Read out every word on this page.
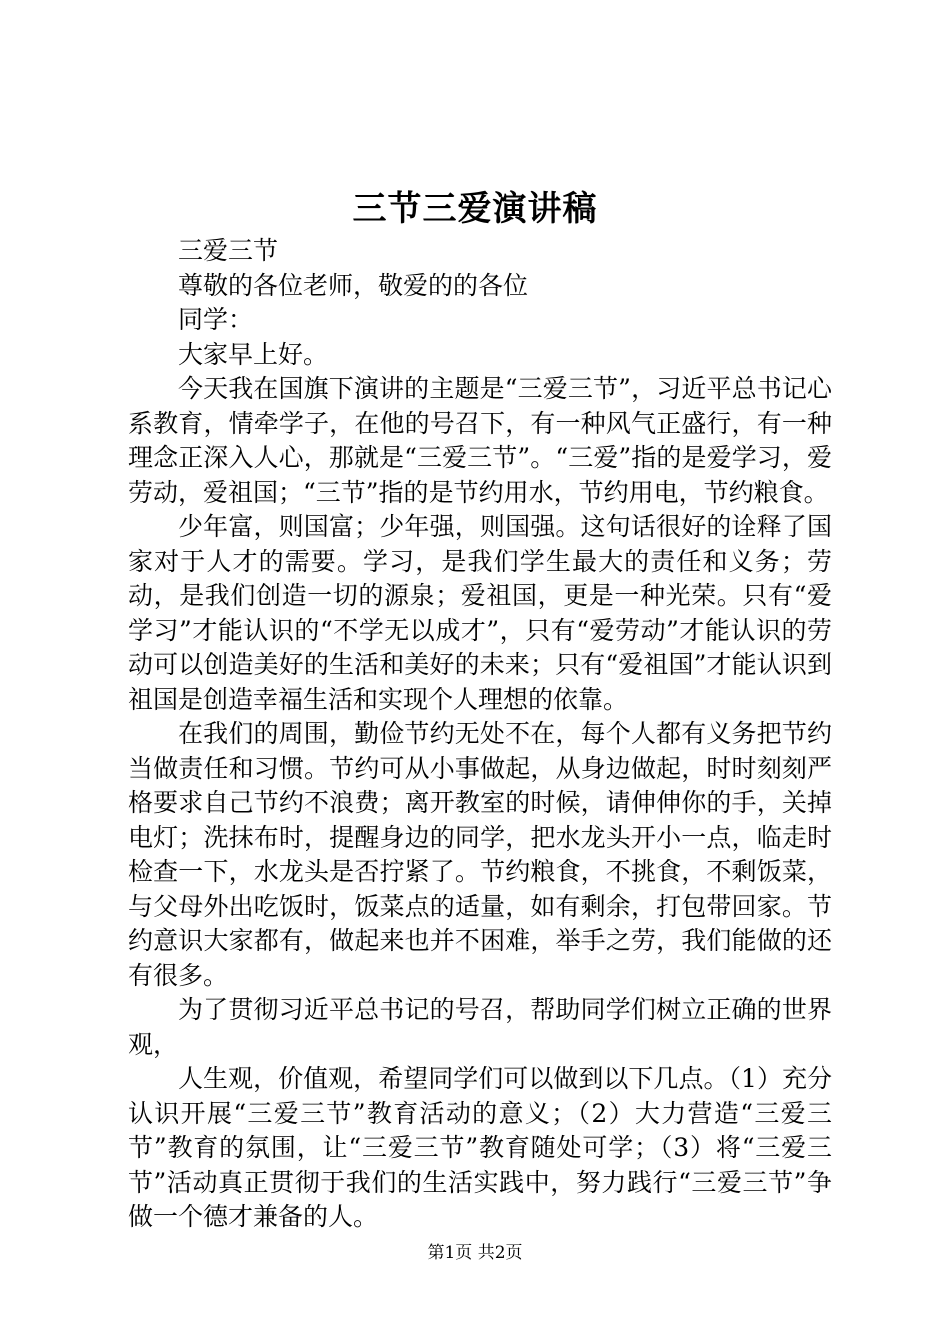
三节三爱演讲稿

三爱三节

尊敬的各位老师，敬爱的的各位

同学：

大家早上好。

今天我在国旗下演讲的主题是“三爱三节”，习近平总书记心系教育，情牵学子，在他的号召下，有一种风气正盛行，有一种理念正深入人心，那就是“三爱三节”。“三爱”指的是爱学习，爱劳动，爱祖国；“三节”指的是节约用水，节约用电，节约粮食。

少年富，则国富；少年强，则国强。这句话很好的诠释了国家对于人才的需要。学习，是我们学生最大的责任和义务；劳动，是我们创造一切的源泉；爱祖国，更是一种光荣。只有“爱学习”才能认识的“不学无以成才”，只有“爱劳动”才能认识的劳动可以创造美好的生活和美好的未来；只有“爱祖国”才能认识到祖国是创造幸福生活和实现个人理想的依靠。

在我们的周围，勤俭节约无处不在，每个人都有义务把节约当做责任和习惯。节约可从小事做起，从身边做起，时时刻刻严格要求自己节约不浪费；离开教室的时候，请伸伸你的手，关掉电灯；洗抹布时，提醒身边的同学，把水龙头开小一点，临走时检查一下，水龙头是否拧紧了。节约粮食，不挑食，不剩饭菜，与父母外出吃饭时，饭菜点的适量，如有剩余，打包带回家。节约意识大家都有，做起来也并不困难，举手之劳，我们能做的还有很多。

为了贯彻习近平总书记的号召，帮助同学们树立正确的世界观，

人生观，价值观，希望同学们可以做到以下几点。（1）充分认识开展“三爱三节”教育活动的意义；（2）大力营造“三爱三节”教育的氛围，让“三爱三节”教育随处可学；（3）将“三爱三节”活动真正贯彻于我们的生活实践中，努力践行“三爱三节”争做一个德才兼备的人。

第1页 共2页
